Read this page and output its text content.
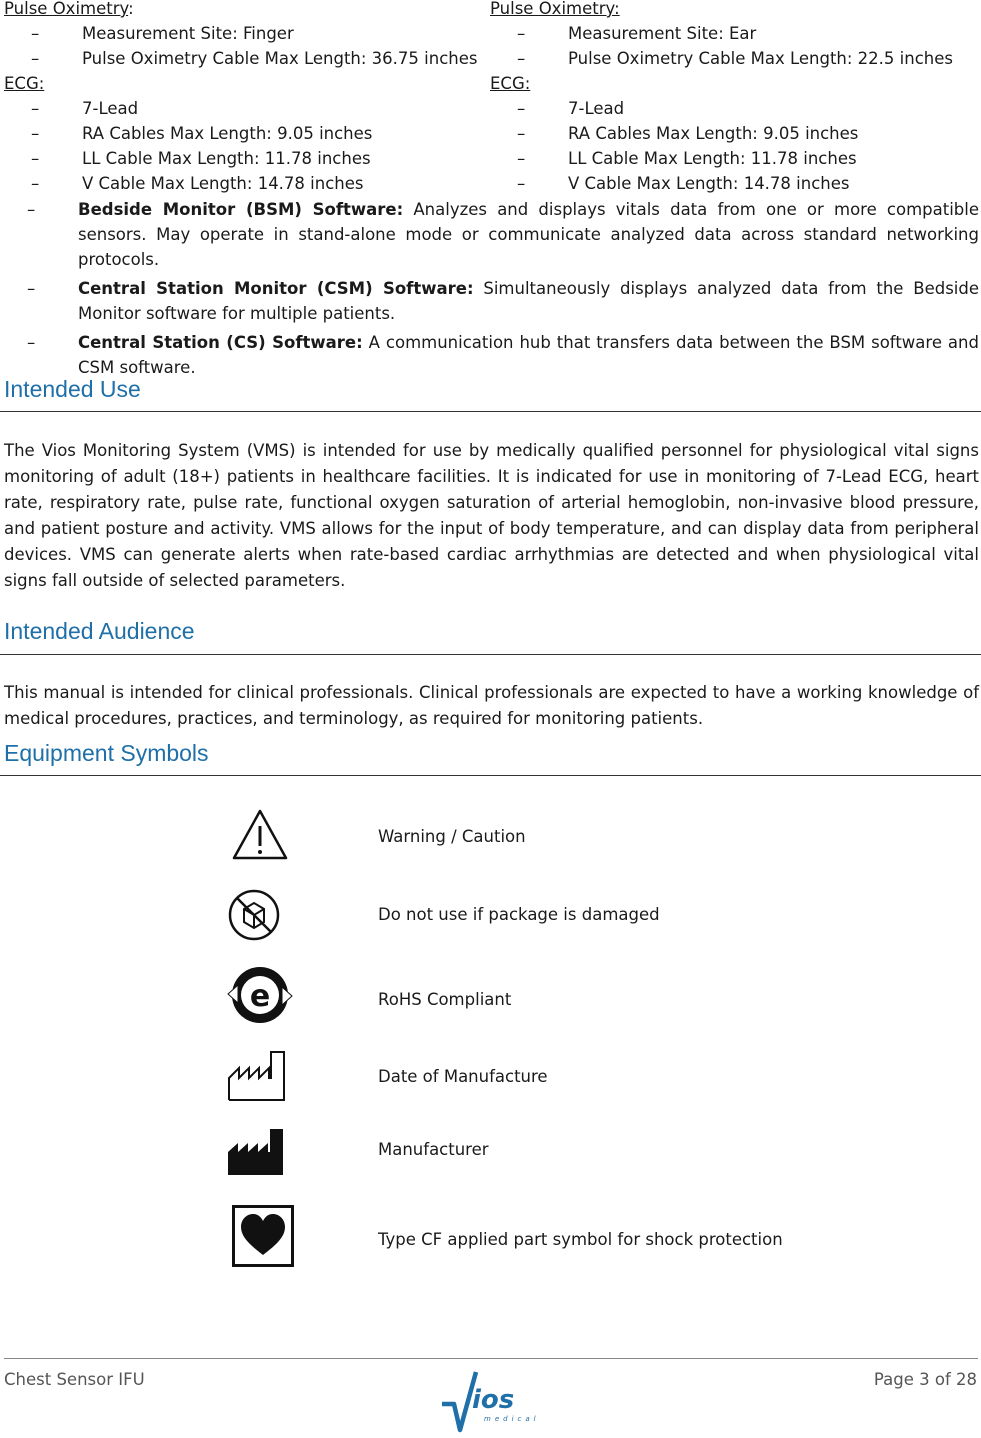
Pulse Oximetry:
–	Measurement Site: Finger
–	Pulse Oximetry Cable Max Length: 36.75 inches
ECG:
–	7-Lead
–	RA Cables Max Length: 9.05 inches
–	LL Cable Max Length: 11.78 inches
–	V Cable Max Length: 14.78 inches
Pulse Oximetry:
–	Measurement Site: Ear
–	Pulse Oximetry Cable Max Length: 22.5 inches
ECG:
–	7-Lead
–	RA Cables Max Length: 9.05 inches
–	LL Cable Max Length: 11.78 inches
–	V Cable Max Length: 14.78 inches
–	Bedside Monitor (BSM) Software: Analyzes and displays vitals data from one or more compatible sensors. May operate in stand-alone mode or communicate analyzed data across standard networking protocols.
–	Central Station Monitor (CSM) Software: Simultaneously displays analyzed data from the Bedside Monitor software for multiple patients.
–	Central Station (CS) Software: A communication hub that transfers data between the BSM software and CSM software.
Intended Use
The Vios Monitoring System (VMS) is intended for use by medically qualified personnel for physiological vital signs monitoring of adult (18+) patients in healthcare facilities. It is indicated for use in monitoring of 7-Lead ECG, heart rate, respiratory rate, pulse rate, functional oxygen saturation of arterial hemoglobin, non-invasive blood pressure, and patient posture and activity. VMS allows for the input of body temperature, and can display data from peripheral devices. VMS can generate alerts when rate-based cardiac arrhythmias are detected and when physiological vital signs fall outside of selected parameters.
Intended Audience
This manual is intended for clinical professionals. Clinical professionals are expected to have a working knowledge of medical procedures, practices, and terminology, as required for monitoring patients.
Equipment Symbols
Warning / Caution
Do not use if package is damaged
e	RoHS Compliant
Date of Manufacture
Manufacturer
Type CF applied part symbol for shock protection
Chest Sensor IFU	Page 3 of 28
ios
medical
